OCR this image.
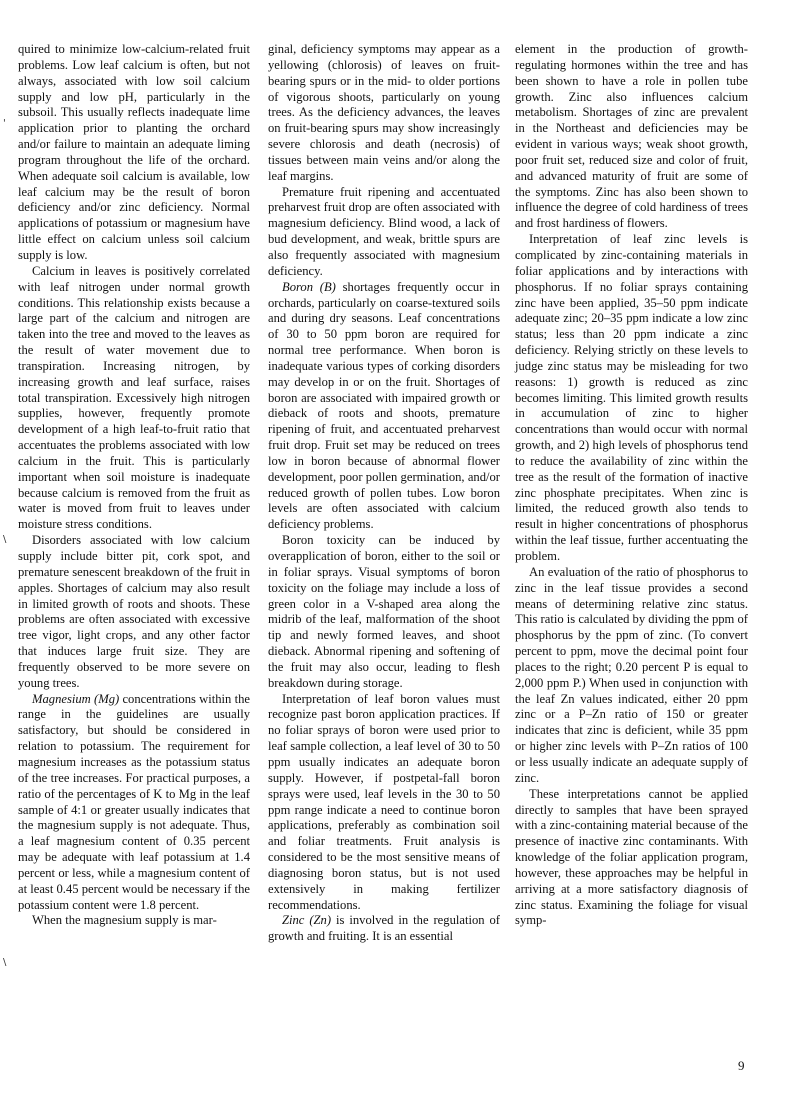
quired to minimize low-calcium-related fruit problems. Low leaf calcium is often, but not always, associated with low soil calcium supply and low pH, particularly in the subsoil. This usually reflects inadequate lime application prior to planting the orchard and/or failure to maintain an adequate liming program throughout the life of the orchard. When adequate soil calcium is available, low leaf calcium may be the result of boron deficiency and/or zinc deficiency. Normal applications of potassium or magnesium have little effect on calcium unless soil calcium supply is low.

Calcium in leaves is positively correlated with leaf nitrogen under normal growth conditions. This relationship exists because a large part of the calcium and nitrogen are taken into the tree and moved to the leaves as the result of water movement due to transpiration. Increasing nitrogen, by increasing growth and leaf surface, raises total transpiration. Excessively high nitrogen supplies, however, frequently promote development of a high leaf-to-fruit ratio that accentuates the problems associated with low calcium in the fruit. This is particularly important when soil moisture is inadequate because calcium is removed from the fruit as water is moved from fruit to leaves under moisture stress conditions.

Disorders associated with low calcium supply include bitter pit, cork spot, and premature senescent breakdown of the fruit in apples. Shortages of calcium may also result in limited growth of roots and shoots. These problems are often associated with excessive tree vigor, light crops, and any other factor that induces large fruit size. They are frequently observed to be more severe on young trees.

Magnesium (Mg) concentrations within the range in the guidelines are usually satisfactory, but should be considered in relation to potassium. The requirement for magnesium increases as the potassium status of the tree increases. For practical purposes, a ratio of the percentages of K to Mg in the leaf sample of 4:1 or greater usually indicates that the magnesium supply is not adequate. Thus, a leaf magnesium content of 0.35 percent may be adequate with leaf potassium at 1.4 percent or less, while a magnesium content of at least 0.45 percent would be necessary if the potassium content were 1.8 percent.

When the magnesium supply is mar-

ginal, deficiency symptoms may appear as a yellowing (chlorosis) of leaves on fruit-bearing spurs or in the mid- to older portions of vigorous shoots, particularly on young trees. As the deficiency advances, the leaves on fruit-bearing spurs may show increasingly severe chlorosis and death (necrosis) of tissues between main veins and/or along the leaf margins.

Premature fruit ripening and accentuated preharvest fruit drop are often associated with magnesium deficiency. Blind wood, a lack of bud development, and weak, brittle spurs are also frequently associated with magnesium deficiency.

Boron (B) shortages frequently occur in orchards, particularly on coarse-textured soils and during dry seasons. Leaf concentrations of 30 to 50 ppm boron are required for normal tree performance. When boron is inadequate various types of corking disorders may develop in or on the fruit. Shortages of boron are associated with impaired growth or dieback of roots and shoots, premature ripening of fruit, and accentuated preharvest fruit drop. Fruit set may be reduced on trees low in boron because of abnormal flower development, poor pollen germination, and/or reduced growth of pollen tubes. Low boron levels are often associated with calcium deficiency problems.

Boron toxicity can be induced by overapplication of boron, either to the soil or in foliar sprays. Visual symptoms of boron toxicity on the foliage may include a loss of green color in a V-shaped area along the midrib of the leaf, malformation of the shoot tip and newly formed leaves, and shoot dieback. Abnormal ripening and softening of the fruit may also occur, leading to flesh breakdown during storage.

Interpretation of leaf boron values must recognize past boron application practices. If no foliar sprays of boron were used prior to leaf sample collection, a leaf level of 30 to 50 ppm usually indicates an adequate boron supply. However, if postpetal-fall boron sprays were used, leaf levels in the 30 to 50 ppm range indicate a need to continue boron applications, preferably as combination soil and foliar treatments. Fruit analysis is considered to be the most sensitive means of diagnosing boron status, but is not used extensively in making fertilizer recommendations.

Zinc (Zn) is involved in the regulation of growth and fruiting. It is an essential

element in the production of growth-regulating hormones within the tree and has been shown to have a role in pollen tube growth. Zinc also influences calcium metabolism. Shortages of zinc are prevalent in the Northeast and deficiencies may be evident in various ways; weak shoot growth, poor fruit set, reduced size and color of fruit, and advanced maturity of fruit are some of the symptoms. Zinc has also been shown to influence the degree of cold hardiness of trees and frost hardiness of flowers.

Interpretation of leaf zinc levels is complicated by zinc-containing materials in foliar applications and by interactions with phosphorus. If no foliar sprays containing zinc have been applied, 35–50 ppm indicate adequate zinc; 20–35 ppm indicate a low zinc status; less than 20 ppm indicate a zinc deficiency. Relying strictly on these levels to judge zinc status may be misleading for two reasons: 1) growth is reduced as zinc becomes limiting. This limited growth results in accumulation of zinc to higher concentrations than would occur with normal growth, and 2) high levels of phosphorus tend to reduce the availability of zinc within the tree as the result of the formation of inactive zinc phosphate precipitates. When zinc is limited, the reduced growth also tends to result in higher concentrations of phosphorus within the leaf tissue, further accentuating the problem.

An evaluation of the ratio of phosphorus to zinc in the leaf tissue provides a second means of determining relative zinc status. This ratio is calculated by dividing the ppm of phosphorus by the ppm of zinc. (To convert percent to ppm, move the decimal point four places to the right; 0.20 percent P is equal to 2,000 ppm P.) When used in conjunction with the leaf Zn values indicated, either 20 ppm zinc or a P–Zn ratio of 150 or greater indicates that zinc is deficient, while 35 ppm or higher zinc levels with P–Zn ratios of 100 or less usually indicate an adequate supply of zinc.

These interpretations cannot be applied directly to samples that have been sprayed with a zinc-containing material because of the presence of inactive zinc contaminants. With knowledge of the foliar application program, however, these approaches may be helpful in arriving at a more satisfactory diagnosis of zinc status. Examining the foliage for visual symp-

'
\
\
9
